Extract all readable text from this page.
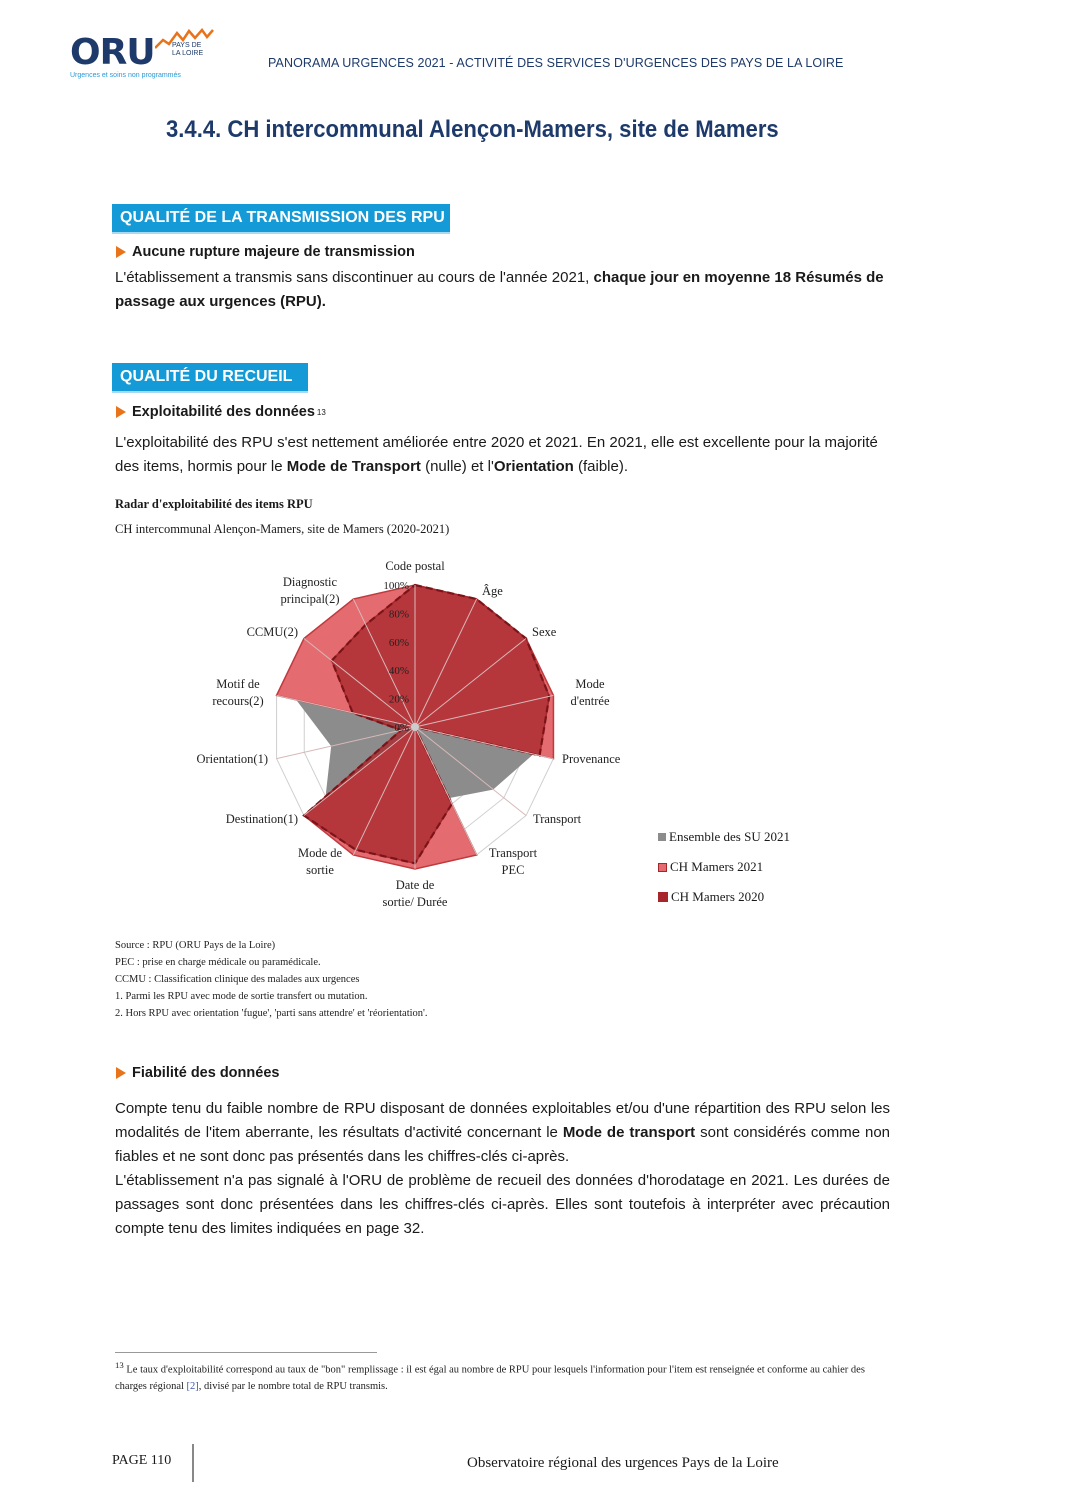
ORU PAYS DE
LA LOIRE
Urgences et soins non programmés
PANORAMA URGENCES 2021 - ACTIVITÉ DES SERVICES D'URGENCES DES PAYS DE LA LOIRE
3.4.4. CH intercommunal Alençon-Mamers, site de Mamers
QUALITÉ DE LA TRANSMISSION DES RPU
Aucune rupture majeure de transmission
L'établissement a transmis sans discontinuer au cours de l'année 2021, chaque jour en moyenne 18 Résumés de passage aux urgences (RPU).
QUALITÉ DU RECUEIL
Exploitabilité des données 13
L'exploitabilité des RPU s'est nettement améliorée entre 2020 et 2021. En 2021, elle est excellente pour la majorité des items, hormis pour le Mode de Transport (nulle) et l'Orientation (faible).
Radar d'exploitabilité des items RPU
CH intercommunal Alençon-Mamers, site de Mamers (2020-2021)
0%
20%
40%
60%
80%
100%
Code postal
Âge
Sexe
Mode d'entrée
Provenance
Transport
Transport PEC
Date de sortie/ Durée
Mode de sortie
Destination(1)
Orientation(1)
Motif de recours(2)
CCMU(2)
Diagnostic principal(2)
Ensemble des SU 2021
CH Mamers 2021
CH Mamers 2020
Source : RPU (ORU Pays de la Loire)
PEC : prise en charge médicale ou paramédicale.
CCMU : Classification clinique des malades aux urgences
1. Parmi les RPU avec mode de sortie transfert ou mutation.
2. Hors RPU avec orientation 'fugue', 'parti sans attendre' et 'réorientation'.
Fiabilité des données
Compte tenu du faible nombre de RPU disposant de données exploitables et/ou d'une répartition des RPU selon les modalités de l'item aberrante, les résultats d'activité concernant le Mode de transport sont considérés comme non fiables et ne sont donc pas présentés dans les chiffres-clés ci-après.
L'établissement n'a pas signalé à l'ORU de problème de recueil des données d'horodatage en 2021. Les durées de passages sont donc présentées dans les chiffres-clés ci-après. Elles sont toutefois à interpréter avec précaution compte tenu des limites indiquées en page 32.
$^{13}$ Le taux d'exploitabilité correspond au taux de "bon" remplissage : il est égal au nombre de RPU pour lesquels l'information pour l'item est renseignée et conforme au cahier des charges régional [2], divisé par le nombre total de RPU transmis.
PAGE 110	Observatoire régional des urgences Pays de la Loire
